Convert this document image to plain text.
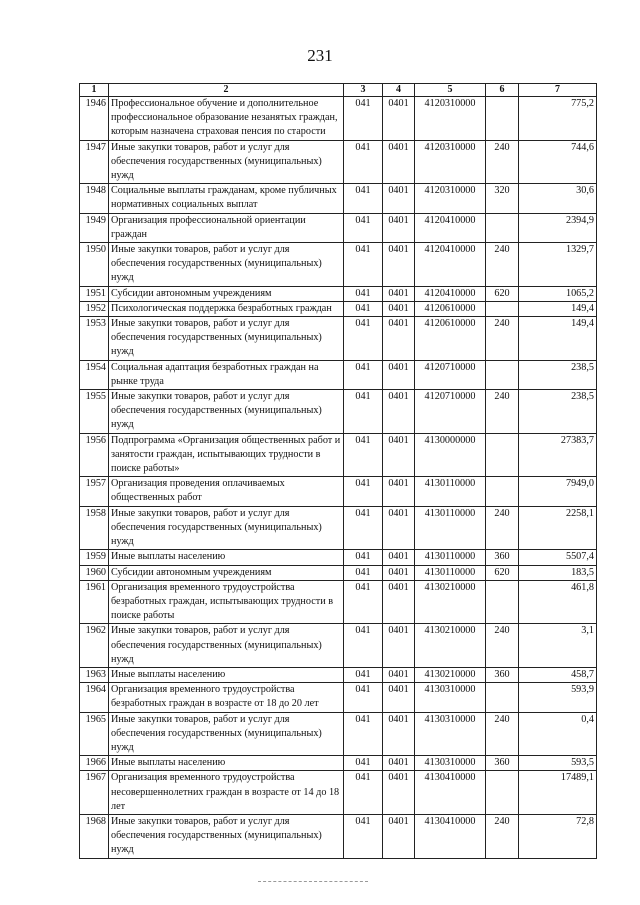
231
1	2	3	4	5	6	7
1946	Профессиональное обучение и дополнительное профессиональное образование незанятых граждан, которым назначена страховая пенсия по старости	041	0401	4120310000		775,2
1947	Иные закупки товаров, работ и услуг для обеспечения государственных (муниципальных) нужд	041	0401	4120310000	240	744,6
1948	Социальные выплаты гражданам, кроме публичных нормативных социальных выплат	041	0401	4120310000	320	30,6
1949	Организация профессиональной ориентации граждан	041	0401	4120410000		2394,9
1950	Иные закупки товаров, работ и услуг для обеспечения государственных (муниципальных) нужд	041	0401	4120410000	240	1329,7
1951	Субсидии автономным учреждениям	041	0401	4120410000	620	1065,2
1952	Психологическая поддержка безработных граждан	041	0401	4120610000		149,4
1953	Иные закупки товаров, работ и услуг для обеспечения государственных (муниципальных) нужд	041	0401	4120610000	240	149,4
1954	Социальная адаптация безработных граждан на рынке труда	041	0401	4120710000		238,5
1955	Иные закупки товаров, работ и услуг для обеспечения государственных (муниципальных) нужд	041	0401	4120710000	240	238,5
1956	Подпрограмма «Организация общественных работ и занятости граждан, испытывающих трудности в поиске работы»	041	0401	4130000000		27383,7
1957	Организация проведения оплачиваемых общественных работ	041	0401	4130110000		7949,0
1958	Иные закупки товаров, работ и услуг для обеспечения государственных (муниципальных) нужд	041	0401	4130110000	240	2258,1
1959	Иные выплаты населению	041	0401	4130110000	360	5507,4
1960	Субсидии автономным учреждениям	041	0401	4130110000	620	183,5
1961	Организация временного трудоустройства безработных граждан, испытывающих трудности в поиске работы	041	0401	4130210000		461,8
1962	Иные закупки товаров, работ и услуг для обеспечения государственных (муниципальных) нужд	041	0401	4130210000	240	3,1
1963	Иные выплаты населению	041	0401	4130210000	360	458,7
1964	Организация временного трудоустройства безработных граждан в возрасте от 18 до 20 лет	041	0401	4130310000		593,9
1965	Иные закупки товаров, работ и услуг для обеспечения государственных (муниципальных) нужд	041	0401	4130310000	240	0,4
1966	Иные выплаты населению	041	0401	4130310000	360	593,5
1967	Организация временного трудоустройства несовершеннолетних граждан в возрасте от 14 до 18 лет	041	0401	4130410000		17489,1
1968	Иные закупки товаров, работ и услуг для обеспечения государственных (муниципальных) нужд	041	0401	4130410000	240	72,8
